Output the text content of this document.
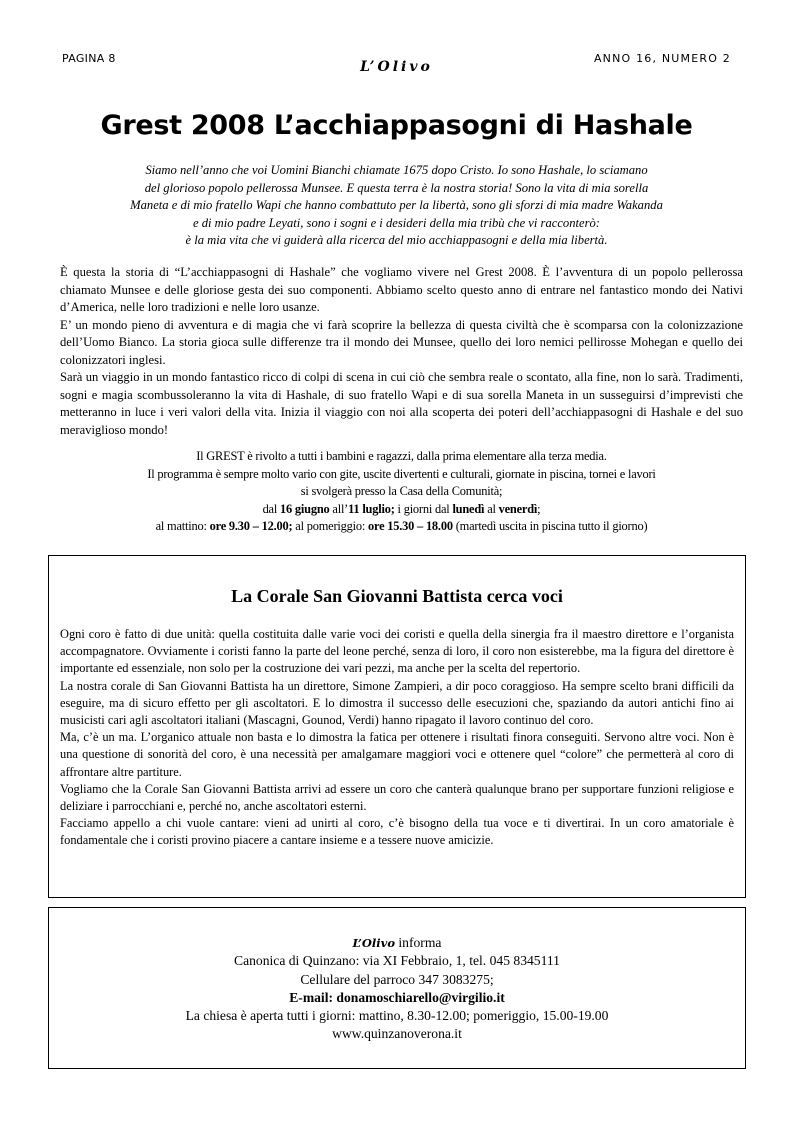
PAGINA 8
L’Olivo
ANNO 16, NUMERO 2
Grest 2008 L’acchiappasogni di Hashale

Siamo nell’anno che voi Uomini Bianchi chiamate 1675 dopo Cristo. Io sono Hashale, lo sciamano

del glorioso popolo pellerossa Munsee. E questa terra è la nostra storia! Sono la vita di mia sorella

Maneta e di mio fratello Wapi che hanno combattuto per la libertà, sono gli sforzi di mia madre Wakanda

e di mio padre Leyati, sono i sogni e i desideri della mia tribù che vi racconterò:

è la mia vita che vi guiderà alla ricerca del mio acchiappasogni e della mia libertà.

È questa la storia di “L’acchiappasogni di Hashale” che vogliamo vivere nel Grest 2008. È l’avventura di un popolo pellerossa chiamato Munsee e delle gloriose gesta dei suo componenti. Abbiamo scelto questo anno di entrare nel fantastico mondo dei Nativi d’America, nelle loro tradizioni e nelle loro usanze.

E’ un mondo pieno di avventura e di magia che vi farà scoprire la bellezza di questa civiltà che è scomparsa con la colonizzazione dell’Uomo Bianco. La storia gioca sulle differenze tra il mondo dei Munsee, quello dei loro nemici pellirosse Mohegan e quello dei colonizzatori inglesi.

Sarà un viaggio in un mondo fantastico ricco di colpi di scena in cui ciò che sembra reale o scontato, alla fine, non lo sarà. Tradimenti, sogni e magia scombussoleranno la vita di Hashale, di suo fratello Wapi e di sua sorella Maneta in un susseguirsi d’imprevisti che metteranno in luce i veri valori della vita. Inizia il viaggio con noi alla scoperta dei poteri dell’acchiappasogni di Hashale e del suo meraviglioso mondo!

Il GREST è rivolto a tutti i bambini e ragazzi, dalla prima elementare alla terza media.

Il programma è sempre molto vario con gite, uscite divertenti e culturali, giornate in piscina, tornei e lavori

si svolgerà presso la Casa della Comunità;

dal 16 giugno all’11 luglio; i giorni dal lunedì al venerdì;

al mattino: ore 9.30 – 12.00; al pomeriggio: ore 15.30 – 18.00 (martedì uscita in piscina tutto il giorno)

La Corale San Giovanni Battista cerca voci

Ogni coro è fatto di due unità: quella costituita dalle varie voci dei coristi e quella della sinergia fra il maestro direttore e l’organista accompagnatore. Ovviamente i coristi fanno la parte del leone perché, senza di loro, il coro non esisterebbe, ma la figura del direttore è importante ed essenziale, non solo per la costruzione dei vari pezzi, ma anche per la scelta del repertorio.

La nostra corale di San Giovanni Battista ha un direttore, Simone Zampieri, a dir poco coraggioso. Ha sempre scelto brani difficili da eseguire, ma di sicuro effetto per gli ascoltatori. E lo dimostra il successo delle esecuzioni che, spaziando da autori antichi fino ai musicisti cari agli ascoltatori italiani (Mascagni, Gounod, Verdi) hanno ripagato il lavoro continuo del coro.

Ma, c’è un ma. L’organico attuale non basta e lo dimostra la fatica per ottenere i risultati finora conseguiti. Servono altre voci. Non è una questione di sonorità del coro, è una necessità per amalgamare maggiori voci e ottenere quel “colore” che permetterà al coro di affrontare altre partiture.

Vogliamo che la Corale San Giovanni Battista arrivi ad essere un coro che canterà qualunque brano per supportare funzioni religiose e deliziare i parrocchiani e, perché no, anche ascoltatori esterni.

Facciamo appello a chi vuole cantare: vieni ad unirti al coro, c’è bisogno della tua voce e ti divertirai. In un coro amatoriale è fondamentale che i coristi provino piacere a cantare insieme e a tessere nuove amicizie.

L’Olivo informa

Canonica di Quinzano: via XI Febbraio, 1, tel. 045 8345111

Cellulare del parroco 347 3083275;

E-mail: donamoschiarello@virgilio.it

La chiesa è aperta tutti i giorni: mattino, 8.30-12.00; pomeriggio, 15.00-19.00

www.quinzanoverona.it
